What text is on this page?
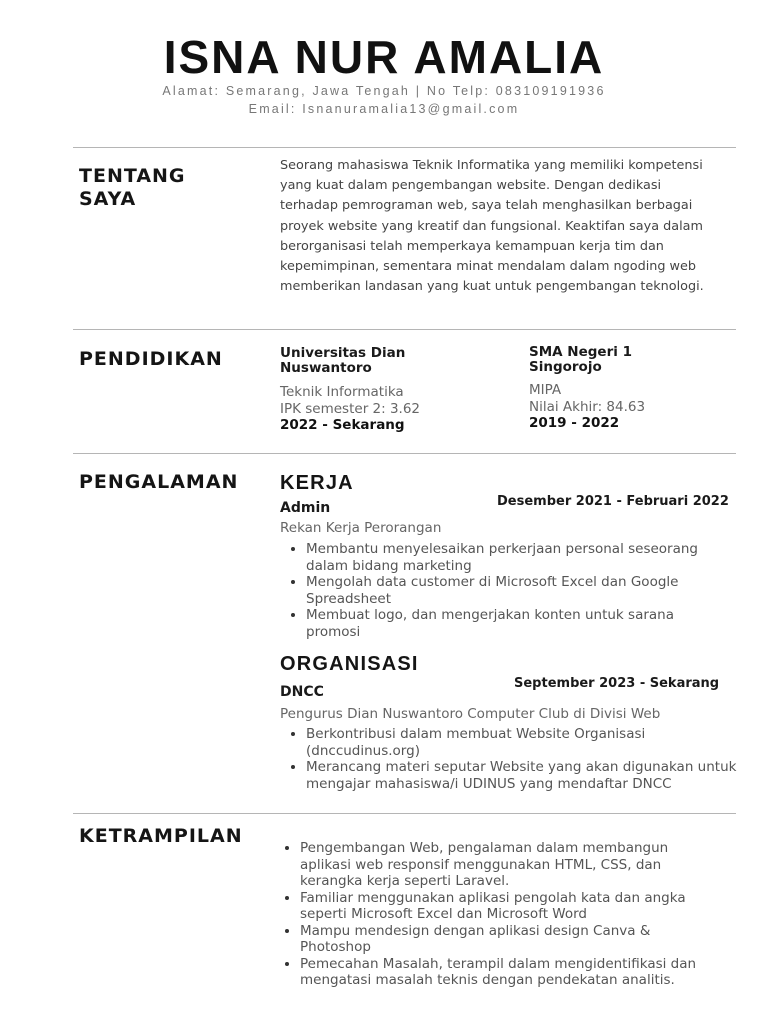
ISNA NUR AMALIA
Alamat: Semarang, Jawa Tengah | No Telp: 083109191936
Email: Isnanuramalia13@gmail.com
TENTANG
SAYA
Seorang mahasiswa Teknik Informatika yang memiliki kompetensi yang kuat dalam pengembangan website. Dengan dedikasi terhadap pemrograman web, saya telah menghasilkan berbagai proyek website yang kreatif dan fungsional. Keaktifan saya dalam berorganisasi telah memperkaya kemampuan kerja tim dan kepemimpinan, sementara minat mendalam dalam ngoding web memberikan landasan yang kuat untuk pengembangan teknologi.
PENDIDIKAN	Universitas Dian
Nuswantoro
Teknik Informatika
IPK semester 2: 3.62
2022 - Sekarang
SMA Negeri 1
Singorojo
MIPA
Nilai Akhir: 84.63
2019 - 2022
PENGALAMAN KERJA
Admin	Desember 2021 - Februari 2022
Rekan Kerja Perorangan
• Membantu menyelesaikan perkerjaan personal seseorang dalam bidang marketing
• Mengolah data customer di Microsoft Excel dan Google Spreadsheet
• Membuat logo, dan mengerjakan konten untuk sarana promosi
ORGANISASI
DNCC
September 2023 - Sekarang
Pengurus Dian Nuswantoro Computer Club di Divisi Web
• Berkontribusi dalam membuat Website Organisasi (dnccudinus.org)
• Merancang materi seputar Website yang akan digunakan untuk mengajar mahasiswa/i UDINUS yang mendaftar DNCC
KETRAMPILAN
• Pengembangan Web, pengalaman dalam membangun aplikasi web responsif menggunakan HTML, CSS, dan kerangka kerja seperti Laravel.
• Familiar menggunakan aplikasi pengolah kata dan angka seperti Microsoft Excel dan Microsoft Word
• Mampu mendesign dengan aplikasi design Canva & Photoshop
• Pemecahan Masalah, terampil dalam mengidentifikasi dan mengatasi masalah teknis dengan pendekatan analitis.
